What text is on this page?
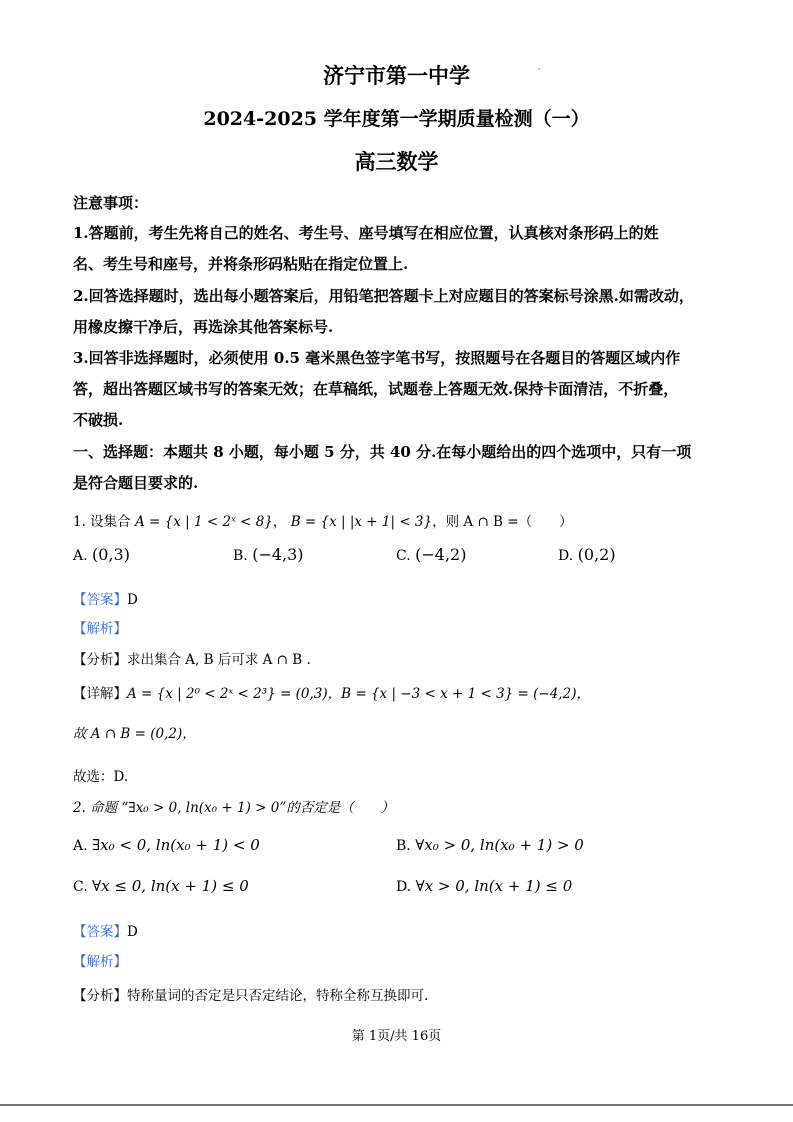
济宁市第一中学
2024-2025 学年度第一学期质量检测（一）
高三数学
注意事项：
1.答题前，考生先将自己的姓名、考生号、座号填写在相应位置，认真核对条形码上的姓
名、考生号和座号，并将条形码粘贴在指定位置上.
2.回答选择题时，选出每小题答案后，用铅笔把答题卡上对应题目的答案标号涂黑.如需改动，
用橡皮擦干净后，再选涂其他答案标号.
3.回答非选择题时，必须使用 0.5 毫米黑色签字笔书写，按照题号在各题目的答题区域内作
答，超出答题区域书写的答案无效；在草稿纸，试题卷上答题无效.保持卡面清洁，不折叠，
不破损.
一、选择题：本题共 8 小题，每小题 5 分，共 40 分.在每小题给出的四个选项中，只有一项
是符合题目要求的.
1. 设集合 A = {x | 1 < 2ˣ < 8}， B = {x | |x + 1| < 3}，则 A ∩ B =（　　）
A. (0,3)	B. (−4,3)	C. (−4,2)	D. (0,2)
【答案】D
【解析】
【分析】求出集合 A, B 后可求 A ∩ B .
【详解】A = {x | 2⁰ < 2ˣ < 2³} = (0,3)，B = {x | −3 < x + 1 < 3} = (−4,2)，
故 A ∩ B = (0,2)，
故选：D.
2. 命题 “∃x₀ > 0, ln(x₀ + 1) > 0”的否定是（　　）
A. ∃x₀ < 0, ln(x₀ + 1) < 0	B. ∀x₀ > 0, ln(x₀ + 1) > 0
C. ∀x ≤ 0, ln(x + 1) ≤ 0	D. ∀x > 0, ln(x + 1) ≤ 0
【答案】D
【解析】
【分析】特称量词的否定是只否定结论，特称全称互换即可.
第 1页/共 16页
